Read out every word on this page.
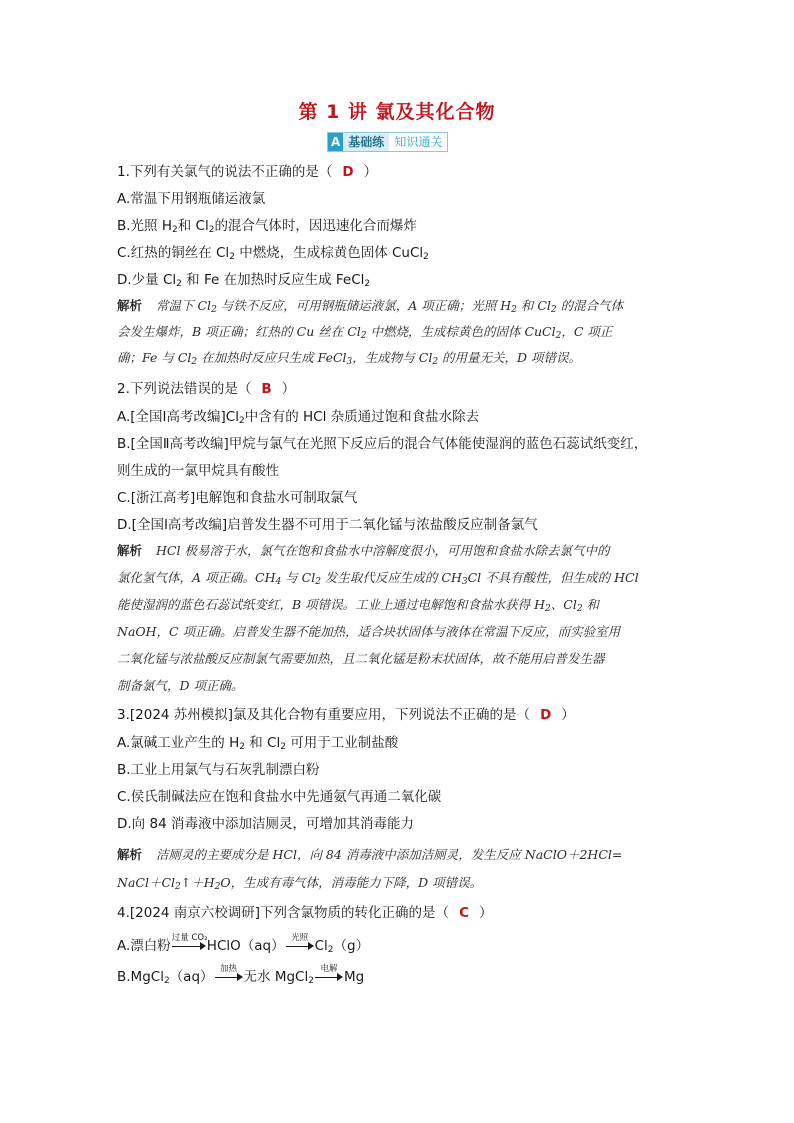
第 1 讲 氯及其化合物
A 基础练 知识通关
1.下列有关氯气的说法不正确的是（ D ）
A.常温下用钢瓶储运液氯
B.光照 $H_2$和 $Cl_2$的混合气体时，因迅速化合而爆炸
C.红热的铜丝在 $Cl_2$ 中燃烧，生成棕黄色固体 CuCl$_2$
D.少量 $Cl_2$ 和 Fe 在加热时反应生成 FeCl$_2$
解析 常温下 $Cl_2$ 与铁不反应，可用钢瓶储运液氯，A 项正确；光照 $H_2$ 和 $Cl_2$ 的混合气体
会发生爆炸，B 项正确；红热的 Cu 丝在 $Cl_2$ 中燃烧，生成棕黄色的固体 CuCl$_2$，C 项正
确；Fe 与 $Cl_2$ 在加热时反应只生成 FeCl$_3$，生成物与 $Cl_2$ 的用量无关，D 项错误。
2.下列说法错误的是（ B ）
A.[全国Ⅰ高考改编]$Cl_2$中含有的 HCl 杂质通过饱和食盐水除去
B.[全国Ⅱ高考改编]甲烷与氯气在光照下反应后的混合气体能使湿润的蓝色石蕊试纸变红，
则生成的一氯甲烷具有酸性
C.[浙江高考]电解饱和食盐水可制取氯气
D.[全国Ⅰ高考改编]启普发生器不可用于二氧化锰与浓盐酸反应制备氯气
解析 HCl 极易溶于水，氯气在饱和食盐水中溶解度很小，可用饱和食盐水除去氯气中的
氯化氢气体，A 项正确。$CH_4$ 与 $Cl_2$ 发生取代反应生成的 $CH_3Cl$ 不具有酸性，但生成的 HCl
能使湿润的蓝色石蕊试纸变红，B 项错误。工业上通过电解饱和食盐水获得 $H_2$、$Cl_2$ 和
NaOH，C 项正确。启普发生器不能加热，适合块状固体与液体在常温下反应，而实验室用
二氧化锰与浓盐酸反应制氯气需要加热，且二氧化锰是粉末状固体，故不能用启普发生器
制备氯气，D 项正确。
3.[2024 苏州模拟]氯及其化合物有重要应用，下列说法不正确的是（ D ）
A.氯碱工业产生的 $H_2$ 和 $Cl_2$ 可用于工业制盐酸
B.工业上用氯气与石灰乳制漂白粉
C.侯氏制碱法应在饱和食盐水中先通氨气再通二氧化碳
D.向 84 消毒液中添加洁厕灵，可增加其消毒能力
解析 洁厕灵的主要成分是 HCl，向 84 消毒液中添加洁厕灵，发生反应 NaClO＋2HCl=
$NaCl+Cl_2↑+H_2O$，生成有毒气体，消毒能力下降，D 项错误。
4.[2024 南京六校调研]下列含氯物质的转化正确的是（ C ）
A.漂白粉 过量 CO₂ HClO（aq） 光照 $Cl_2(g)$
B.MgCl$_2$（aq） 加热 无水 MgCl$_2$
电解 Mg
